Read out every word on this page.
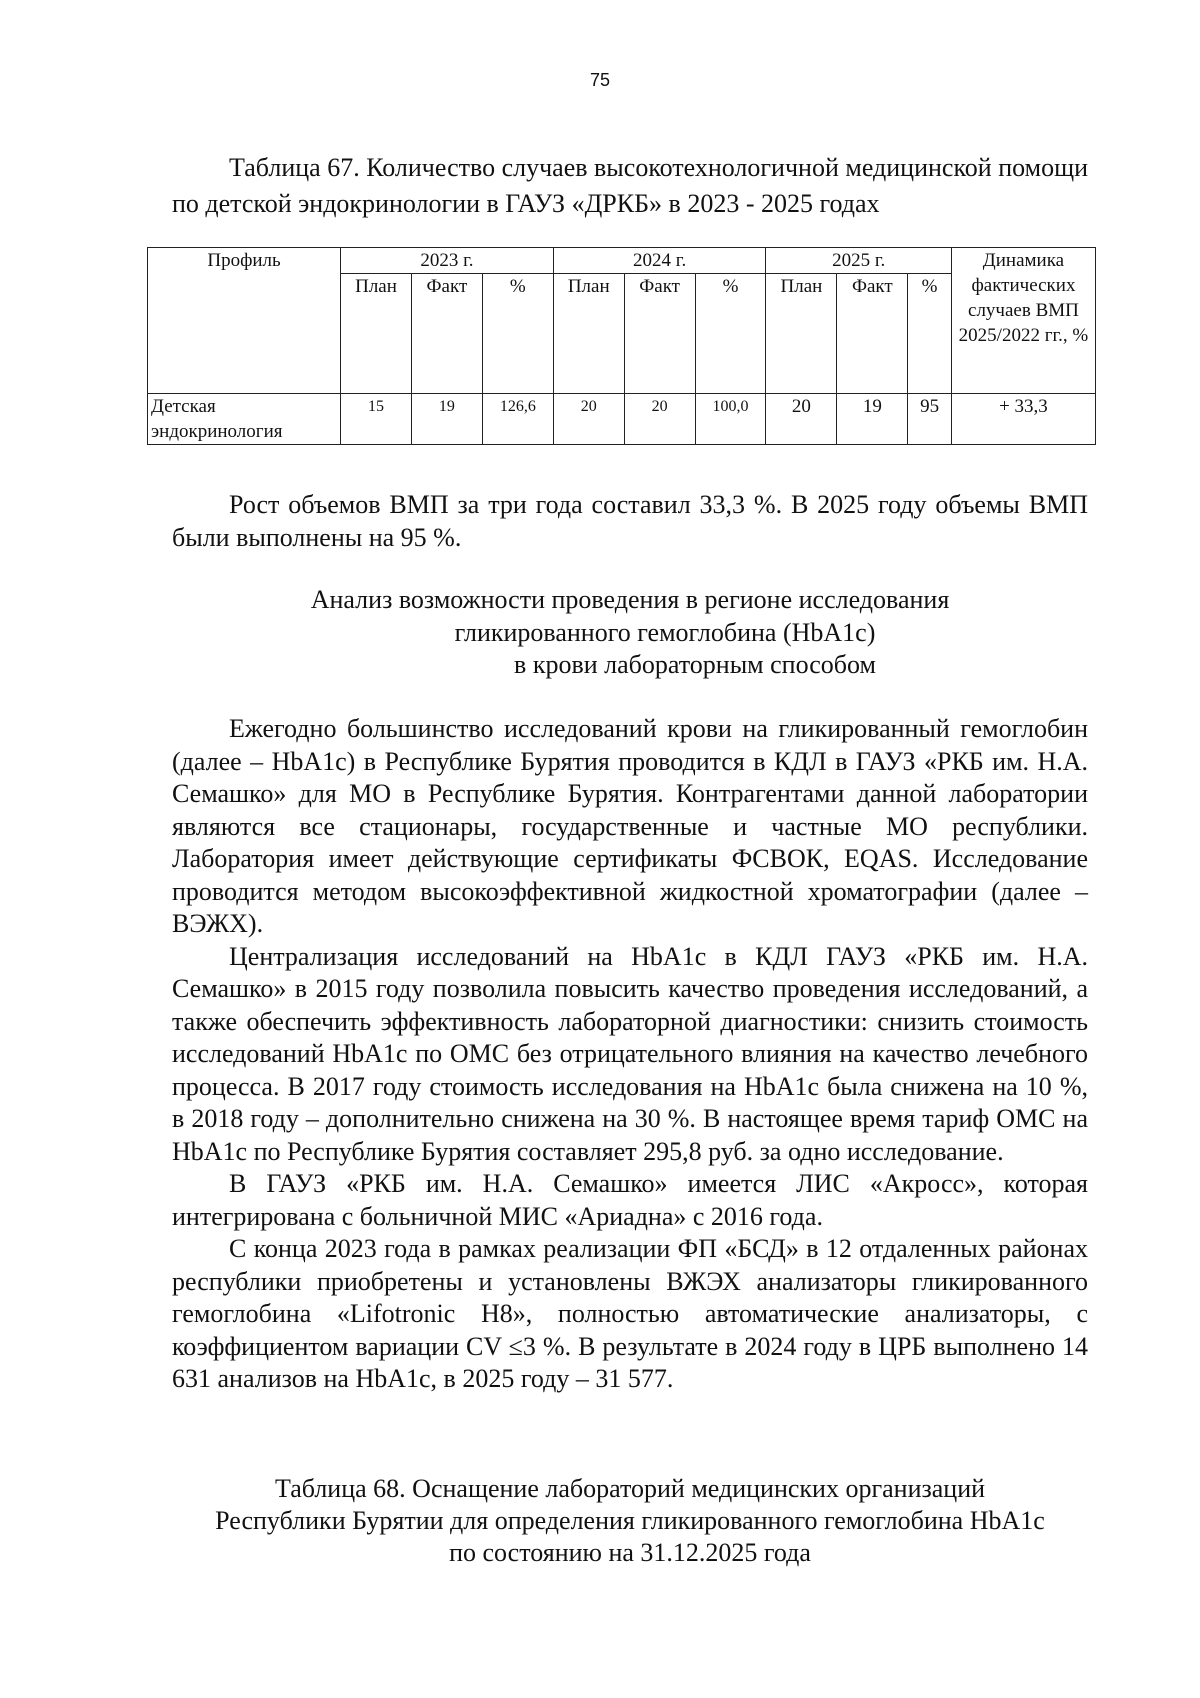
75
Таблица 67. Количество случаев высокотехнологичной медицинской помощи по детской эндокринологии в ГАУЗ «ДРКБ» в 2023 - 2025 годах
Профиль	2023 г.			2024 г.			2025 г.			Динамика фактических случаев ВМП 2025/2022 гг., %
	План	Факт	%	План	Факт	%	План	Факт	%	
Детская эндокринология	15	19	126,6	20	20	100,0	20	19	95	+ 33,3

Рост объемов ВМП за три года составил 33,3 %. В 2025 году объемы ВМП были выполнены на 95 %.

Анализ возможности проведения в регионе исследования
гликированного гемоглобина (HbA1c)
в крови лабораторным способом

Ежегодно большинство исследований крови на гликированный гемоглобин (далее – HbA1c) в Республике Бурятия проводится в КДЛ в ГАУЗ «РКБ им. Н.А. Семашко» для МО в Республике Бурятия. Контрагентами данной лаборатории являются все стационары, государственные и частные МО республики. Лаборатория имеет действующие сертификаты ФСВОК, EQAS. Исследование проводится методом высокоэффективной жидкостной хроматографии (далее – ВЭЖХ).

Централизация исследований на HbA1c в КДЛ ГАУЗ «РКБ им. Н.А. Семашко» в 2015 году позволила повысить качество проведения исследований, а также обеспечить эффективность лабораторной диагностики: снизить стоимость исследований HbA1c по ОМС без отрицательного влияния на качество лечебного процесса. В 2017 году стоимость исследования на HbA1c была снижена на 10 %, в 2018 году – дополнительно снижена на 30 %. В настоящее время тариф ОМС на HbA1c по Республике Бурятия составляет 295,8 руб. за одно исследование.

В ГАУЗ «РКБ им. Н.А. Семашко» имеется ЛИС «Акросс», которая интегрирована с больничной МИС «Ариадна» с 2016 года.

С конца 2023 года в рамках реализации ФП «БСД» в 12 отдаленных районах республики приобретены и установлены ВЖЭХ анализаторы гликированного гемоглобина «Lifotronic H8», полностью автоматические анализаторы, с коэффициентом вариации CV ≤3 %. В результате в 2024 году в ЦРБ выполнено 14 631 анализов на HbA1c, в 2025 году – 31 577.

Таблица 68. Оснащение лабораторий медицинских организаций
Республики Бурятии для определения гликированного гемоглобина HbA1c
по состоянию на 31.12.2025 года
